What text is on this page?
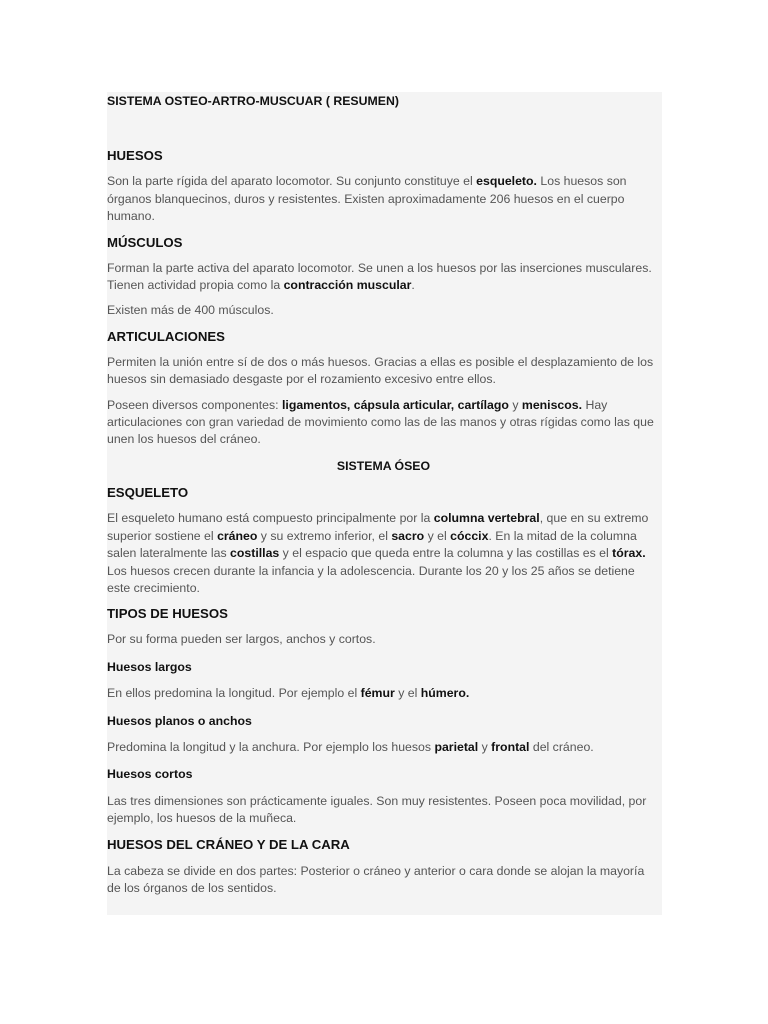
SISTEMA OSTEO-ARTRO-MUSCUAR ( RESUMEN)

HUESOS

Son la parte rígida del aparato locomotor. Su conjunto constituye el esqueleto. Los huesos son órganos blanquecinos, duros y resistentes. Existen aproximadamente 206 huesos en el cuerpo humano.

MÚSCULOS

Forman la parte activa del aparato locomotor. Se unen a los huesos por las inserciones musculares. Tienen actividad propia como la contracción muscular.

Existen más de 400 músculos.

ARTICULACIONES

Permiten la unión entre sí de dos o más huesos. Gracias a ellas es posible el desplazamiento de los huesos sin demasiado desgaste por el rozamiento excesivo entre ellos.

Poseen diversos componentes: ligamentos, cápsula articular, cartílago y meniscos. Hay articulaciones con gran variedad de movimiento como las de las manos y otras rígidas como las que unen los huesos del cráneo.

SISTEMA ÓSEO
ESQUELETO

El esqueleto humano está compuesto principalmente por la columna vertebral, que en su extremo superior sostiene el cráneo y su extremo inferior, el sacro y el cóccix. En la mitad de la columna salen lateralmente las costillas y el espacio que queda entre la columna y las costillas es el tórax. Los huesos crecen durante la infancia y la adolescencia. Durante los 20 y los 25 años se detiene este crecimiento.

TIPOS DE HUESOS

Por su forma pueden ser largos, anchos y cortos.

Huesos largos

En ellos predomina la longitud. Por ejemplo el fémur y el húmero.

Huesos planos o anchos

Predomina la longitud y la anchura. Por ejemplo los huesos parietal y frontal del cráneo.

Huesos cortos

Las tres dimensiones son prácticamente iguales. Son muy resistentes. Poseen poca movilidad, por ejemplo, los huesos de la muñeca.

HUESOS DEL CRÁNEO Y DE LA CARA

La cabeza se divide en dos partes: Posterior o cráneo y anterior o cara donde se alojan la mayoría de los órganos de los sentidos.
